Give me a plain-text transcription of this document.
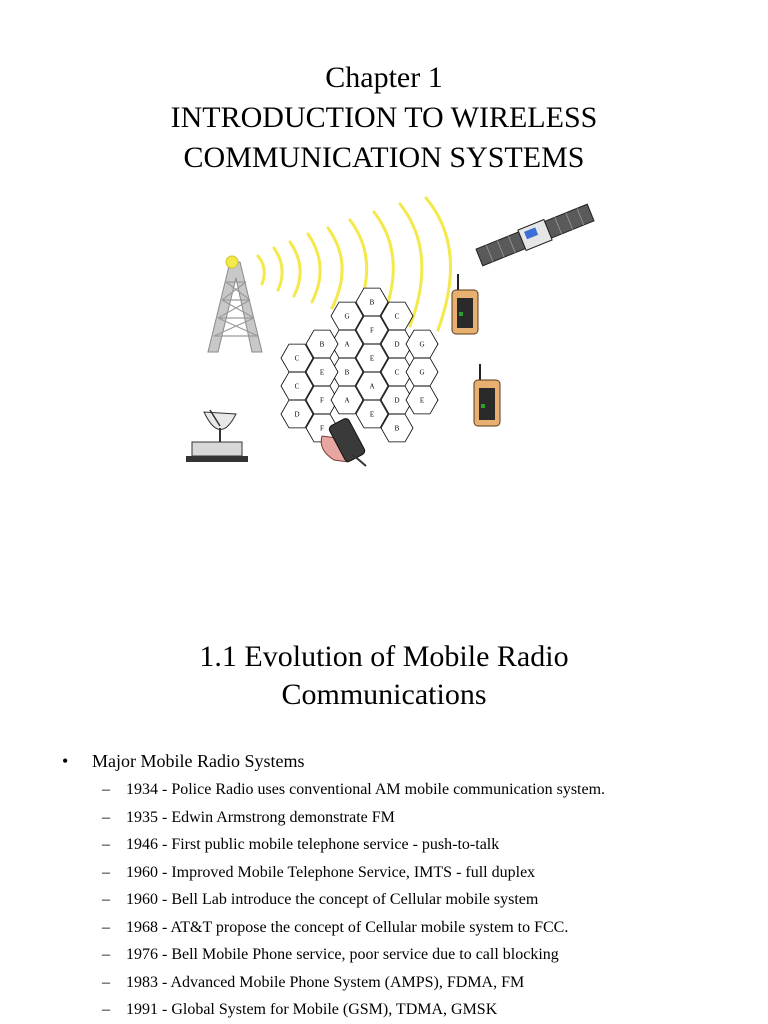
Chapter 1
INTRODUCTION TO WIRELESS
COMMUNICATION SYSTEMS
B
G	C
F
A	D
B
E
G
C
B	C	G
C
E
A
F	A	D	E
D
F
E
B
1.1 Evolution of Mobile Radio
Communications
•	Major Mobile Radio Systems
–	1934 - Police Radio uses conventional AM mobile communication system.
–	1935 - Edwin Armstrong demonstrate FM
–	1946 - First public mobile telephone service - push-to-talk
–	1960 - Improved Mobile Telephone Service, IMTS - full duplex
–	1960 - Bell Lab introduce the concept of Cellular mobile system
–	1968 - AT&T propose the concept of Cellular mobile system to FCC.
–	1976 - Bell Mobile Phone service, poor service due to call blocking
–	1983 - Advanced Mobile Phone System (AMPS), FDMA, FM
–	1991 - Global System for Mobile (GSM), TDMA, GMSK
